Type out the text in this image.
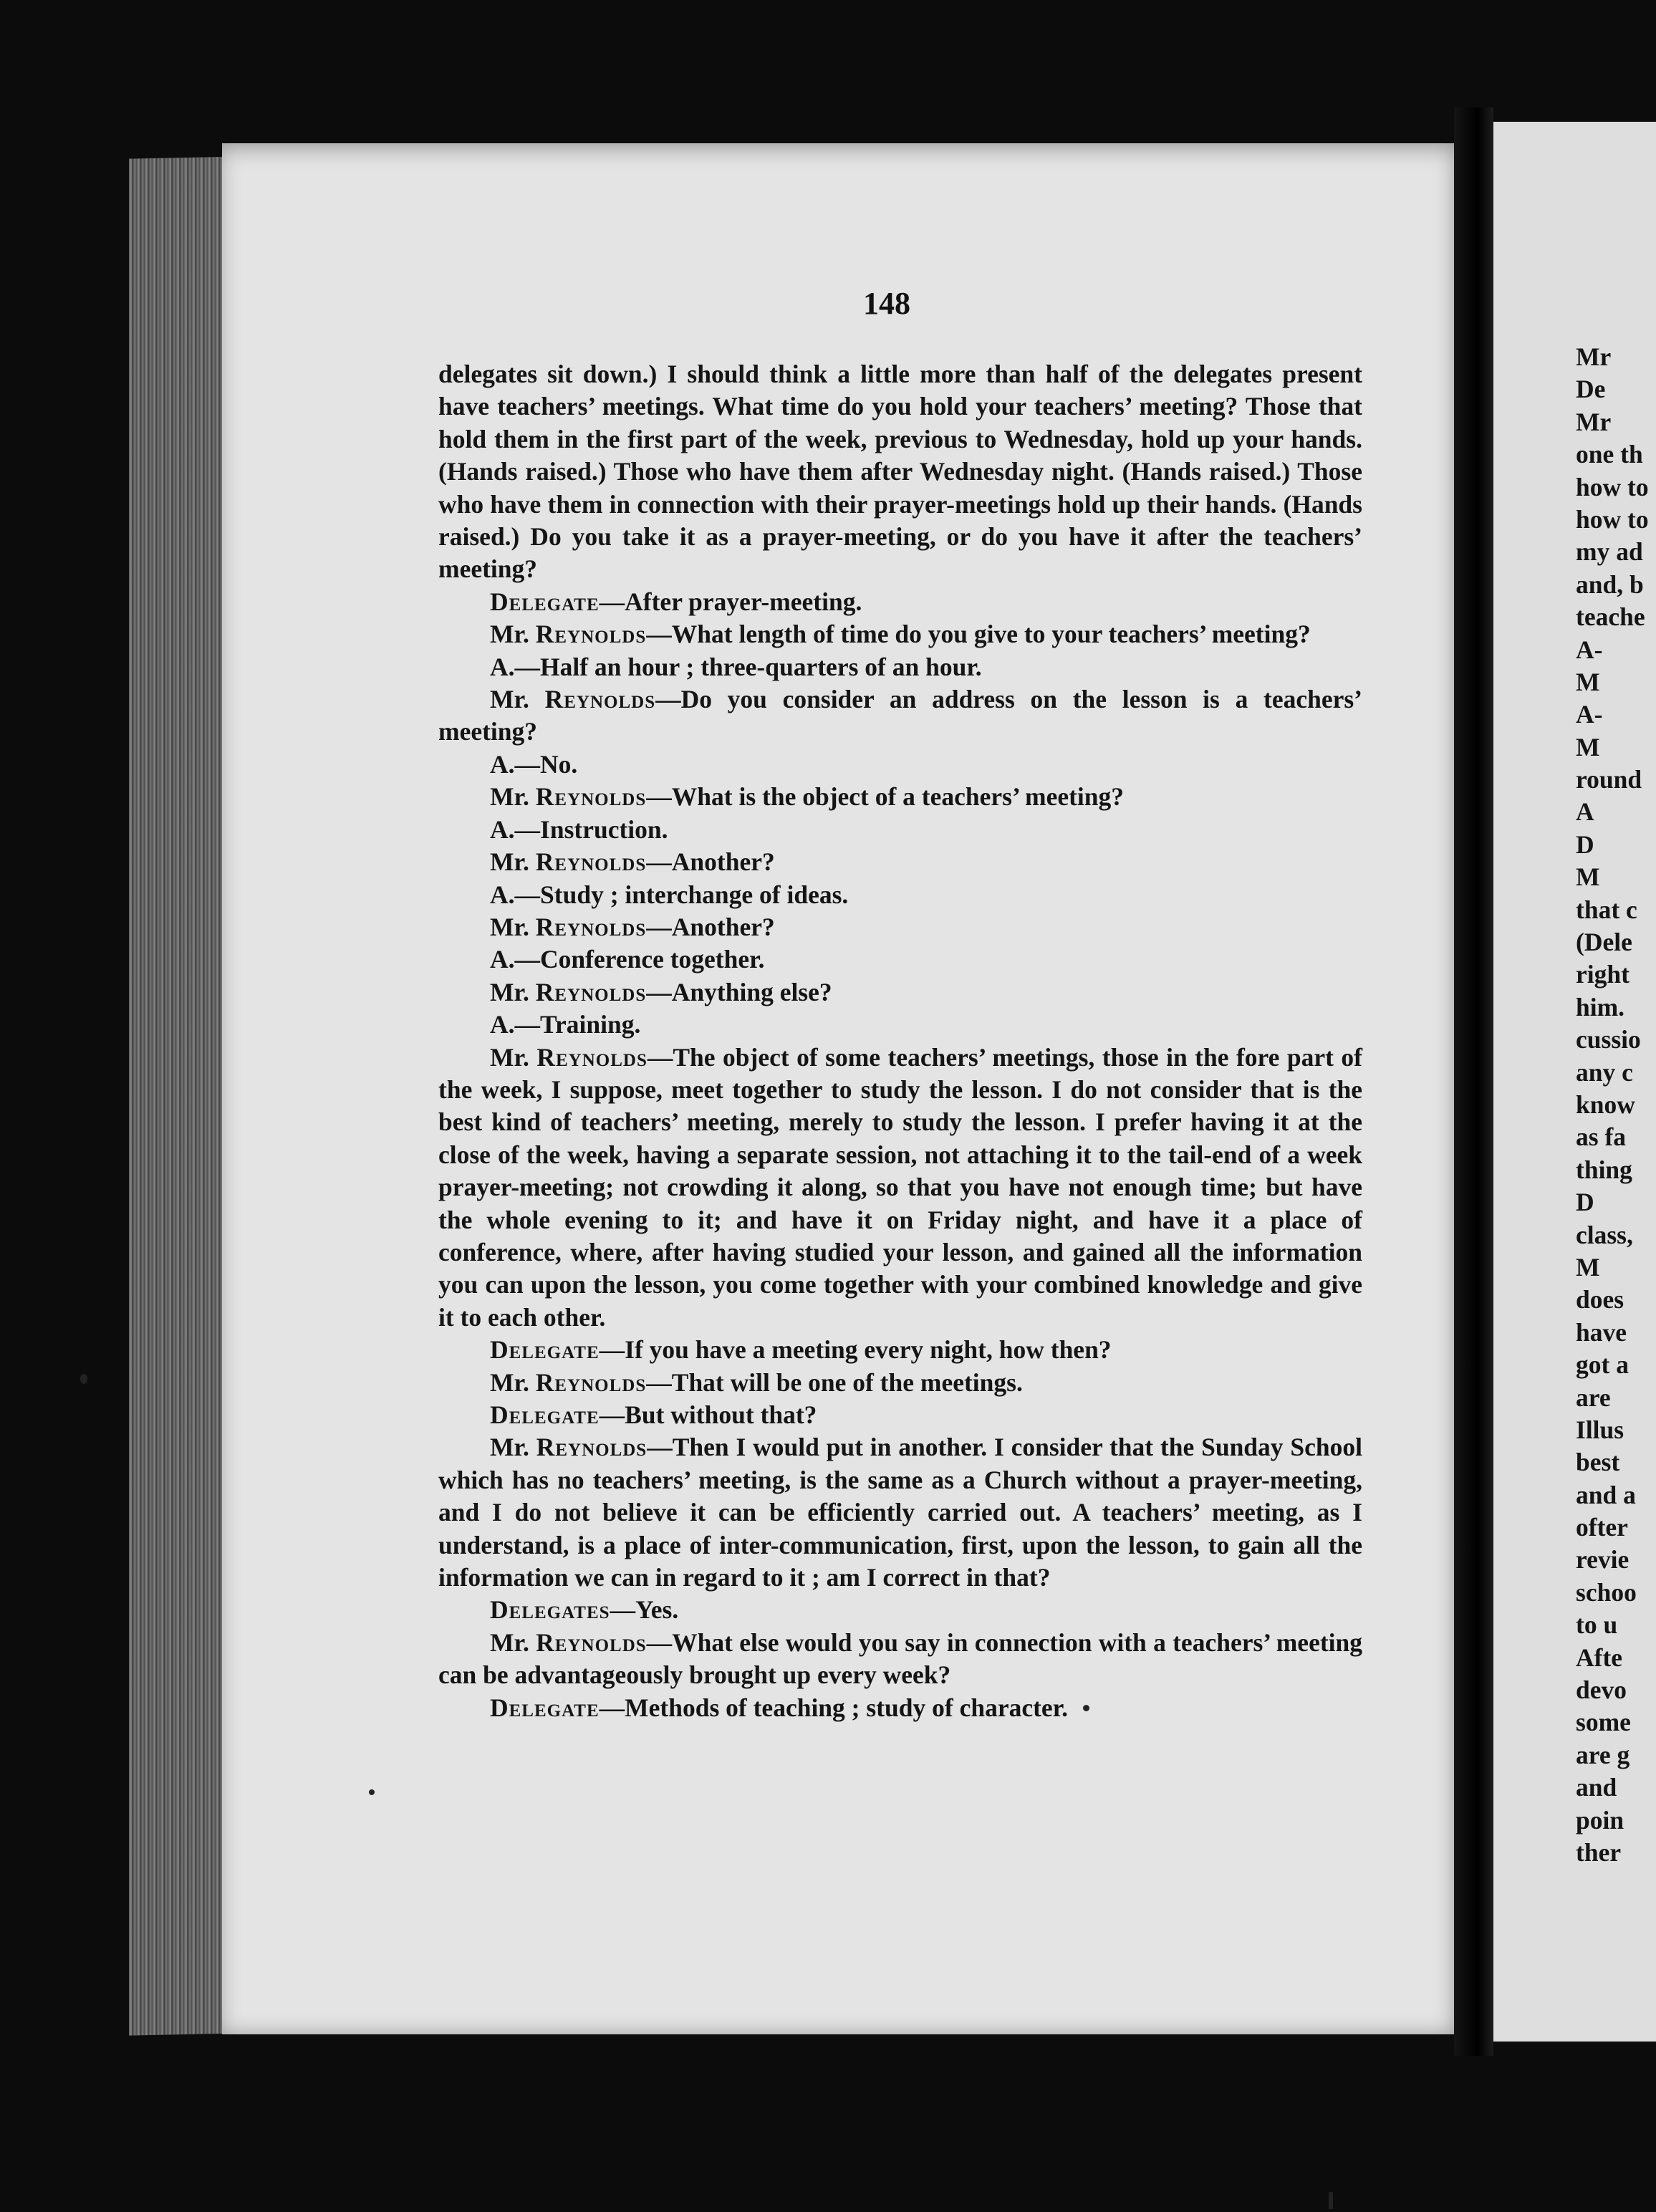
148

delegates sit down.) I should think a little more than half of the delegates present have teachers’ meetings. What time do you hold your teachers’ meeting? Those that hold them in the first part of the week, previous to Wednesday, hold up your hands. (Hands raised.) Those who have them after Wednesday night. (Hands raised.) Those who have them in connection with their prayer-meetings hold up their hands. (Hands raised.) Do you take it as a prayer-meeting, or do you have it after the teachers’ meeting?

Delegate—After prayer-meeting.

Mr. Reynolds—What length of time do you give to your teachers’ meeting?

A.—Half an hour ; three-quarters of an hour.

Mr. Reynolds—Do you consider an address on the lesson is a teachers’ meeting?

A.—No.

Mr. Reynolds—What is the object of a teachers’ meeting?

A.—Instruction.

Mr. Reynolds—Another?

A.—Study ; interchange of ideas.

Mr. Reynolds—Another?

A.—Conference together.

Mr. Reynolds—Anything else?

A.—Training.

Mr. Reynolds—The object of some teachers’ meetings, those in the fore part of the week, I suppose, meet together to study the lesson. I do not consider that is the best kind of teachers’ meeting, merely to study the lesson. I prefer having it at the close of the week, having a separate session, not attaching it to the tail-end of a week prayer-meeting; not crowding it along, so that you have not enough time; but have the whole evening to it; and have it on Friday night, and have it a place of conference, where, after having studied your lesson, and gained all the information you can upon the lesson, you come together with your combined knowledge and give it to each other.

Delegate—If you have a meeting every night, how then?

Mr. Reynolds—That will be one of the meetings.

Delegate—But without that?

Mr. Reynolds—Then I would put in another. I consider that the Sunday School which has no teachers’ meeting, is the same as a Church without a prayer-meeting, and I do not believe it can be efficiently carried out. A teachers’ meeting, as I understand, is a place of inter-communication, first, upon the lesson, to gain all the information we can in regard to it ; am I correct in that?

Delegates—Yes.

Mr. Reynolds—What else would you say in connection with a teachers’ meeting can be advantageously brought up every week?

Delegate—Methods of teaching ; study of character.

Mr
De
Mr
one th
how to
how to
my ad
and, b
teache
A-
M
A-
M
round
A
D
M
that c
(Dele
right
him.
cussio
any c
know
as fa
thing
D
class,
M
does
have
got a
are
Illus
best
and a
ofter
revie
schoo
to u
Afte
devo
some
are g
and
poin
ther
